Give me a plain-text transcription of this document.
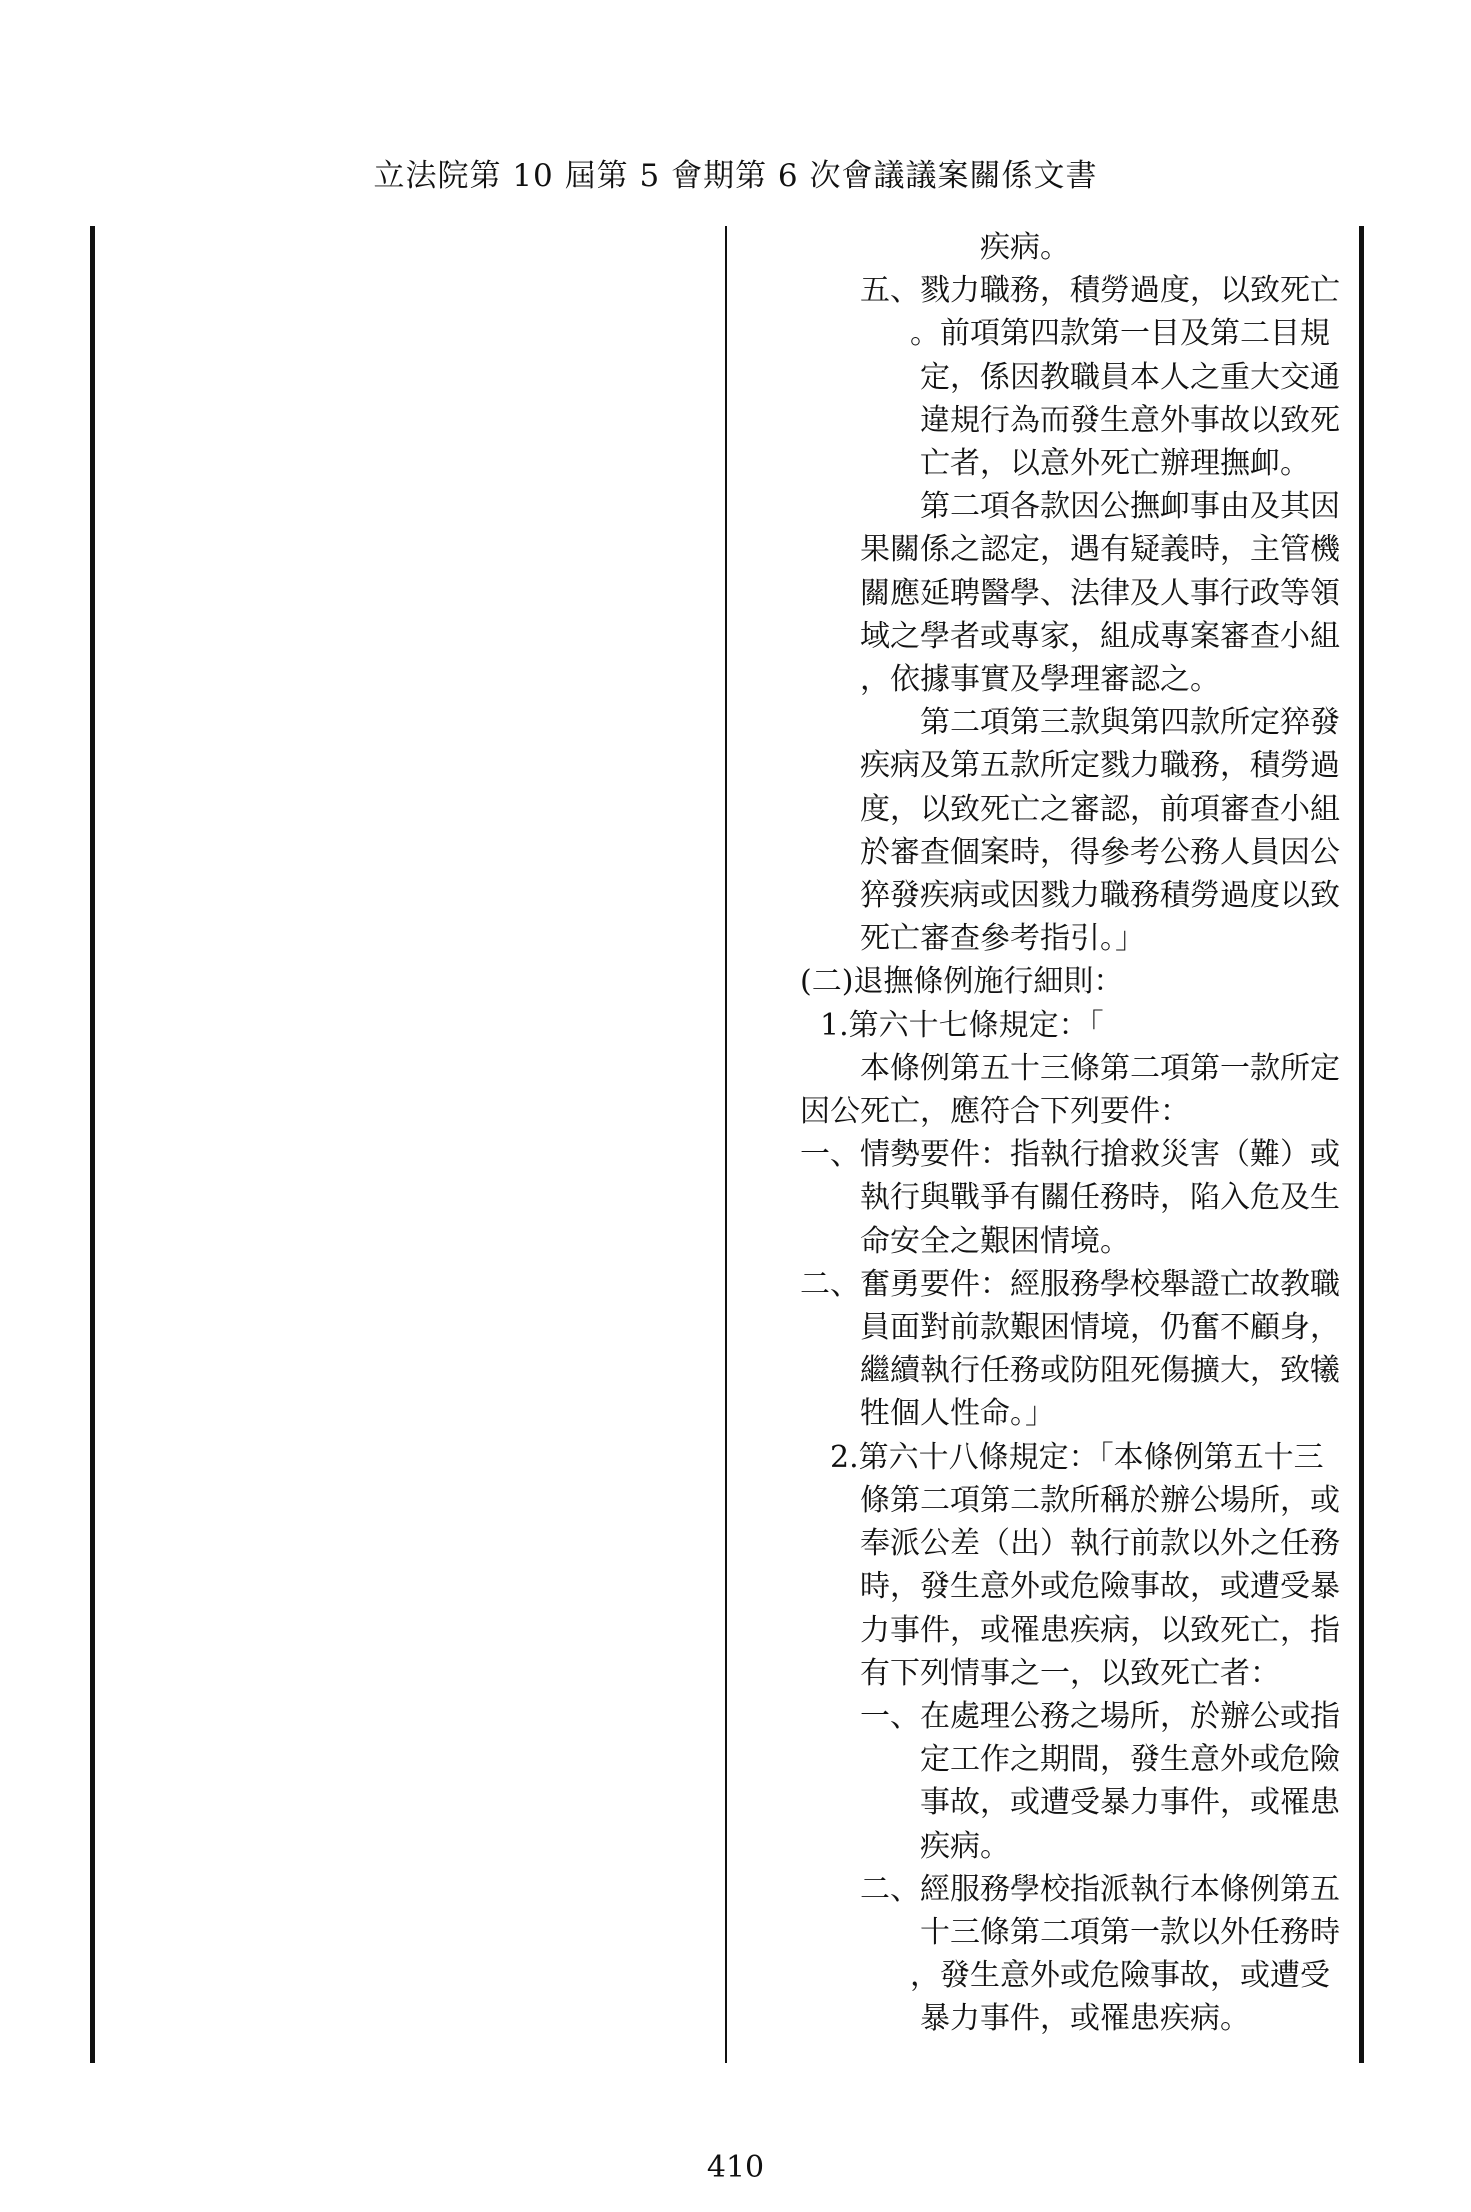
立法院第 10 屆第 5 會期第 6 次會議議案關係文書

疾病。

五、戮力職務，積勞過度，以致死亡

。前項第四款第一目及第二目規

定，係因教職員本人之重大交通

違規行為而發生意外事故以致死

亡者，以意外死亡辦理撫卹。

第二項各款因公撫卹事由及其因

果關係之認定，遇有疑義時，主管機

關應延聘醫學、法律及人事行政等領

域之學者或專家，組成專案審查小組

，依據事實及學理審認之。

第二項第三款與第四款所定猝發

疾病及第五款所定戮力職務，積勞過

度，以致死亡之審認，前項審查小組

於審查個案時，得參考公務人員因公

猝發疾病或因戮力職務積勞過度以致

死亡審查參考指引。」

(二)退撫條例施行細則：

1.第六十七條規定：「

本條例第五十三條第二項第一款所定

因公死亡，應符合下列要件：

一、情勢要件：指執行搶救災害（難）或

執行與戰爭有關任務時，陷入危及生

命安全之艱困情境。

二、奮勇要件：經服務學校舉證亡故教職

員面對前款艱困情境，仍奮不顧身，

繼續執行任務或防阻死傷擴大，致犧

牲個人性命。」

2.第六十八條規定：「本條例第五十三

條第二項第二款所稱於辦公場所，或

奉派公差（出）執行前款以外之任務

時，發生意外或危險事故，或遭受暴

力事件，或罹患疾病，以致死亡，指

有下列情事之一，以致死亡者：

一、在處理公務之場所，於辦公或指

定工作之期間，發生意外或危險

事故，或遭受暴力事件，或罹患

疾病。

二、經服務學校指派執行本條例第五

十三條第二項第一款以外任務時

，發生意外或危險事故，或遭受

暴力事件，或罹患疾病。

410
